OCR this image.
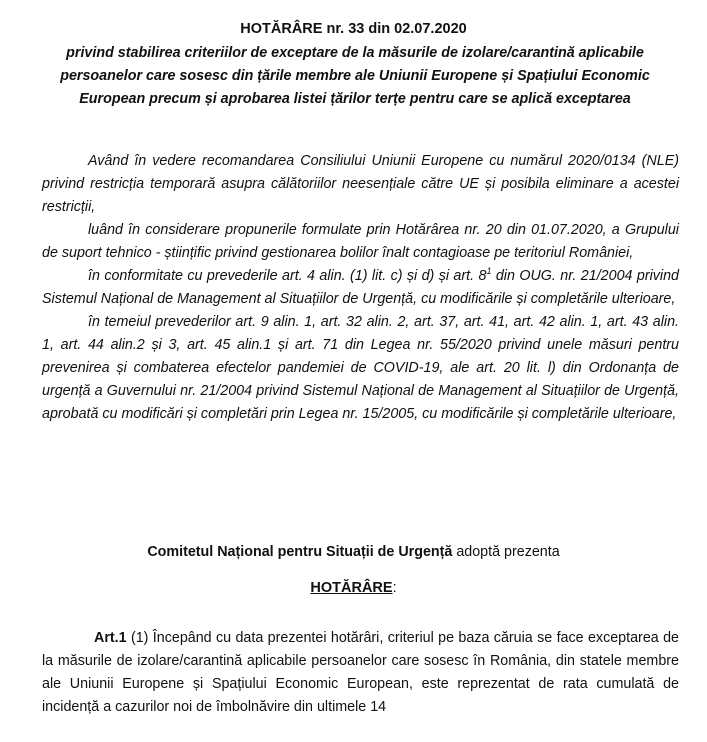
HOTĂRÂRE nr. 33 din 02.07.2020
privind stabilirea criteriilor de exceptare de la măsurile de izolare/carantină aplicabile persoanelor care sosesc din țările membre ale Uniunii Europene și Spațiului Economic European precum și aprobarea listei țărilor terțe pentru care se aplică exceptarea

Având în vedere recomandarea Consiliului Uniunii Europene cu numărul 2020/0134 (NLE) privind restricția temporară asupra călătoriilor neesențiale către UE și posibila eliminare a acestei restricții,

luând în considerare propunerile formulate prin Hotărârea nr. 20 din 01.07.2020, a Grupului de suport tehnico - științific privind gestionarea bolilor înalt contagioase pe teritoriul României,

în conformitate cu prevederile art. 4 alin. (1) lit. c) și d) și art. $8^1$ din OUG. nr. 21/2004 privind Sistemul Național de Management al Situațiilor de Urgență, cu modificările și completările ulterioare,

în temeiul prevederilor art. 9 alin. 1, art. 32 alin. 2, art. 37, art. 41, art. 42 alin. 1, art. 43 alin. 1, art. 44 alin.2 și 3, art. 45 alin.1 și art. 71 din Legea nr. 55/2020 privind unele măsuri pentru prevenirea și combaterea efectelor pandemiei de COVID-19, ale art. 20 lit. l) din Ordonanța de urgență a Guvernului nr. 21/2004 privind Sistemul Național de Management al Situațiilor de Urgență, aprobată cu modificări și completări prin Legea nr. 15/2005, cu modificările și completările ulterioare,

Comitetul Național pentru Situații de Urgență adoptă prezenta
HOTĂRÂRE:

Art.1 (1) Începând cu data prezentei hotărâri, criteriul pe baza căruia se face exceptarea de la măsurile de izolare/carantină aplicabile persoanelor care sosesc în România, din statele membre ale Uniunii Europene și Spațiului Economic European, este reprezentat de rata cumulată de incidență a cazurilor noi de îmbolnăvire din ultimele 14
